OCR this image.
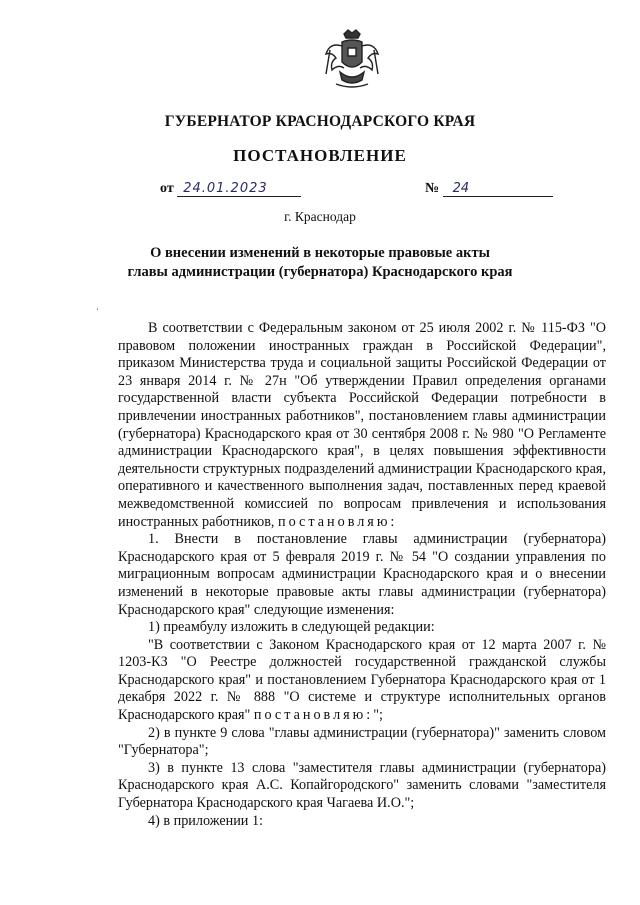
ГУБЕРНАТОР КРАСНОДАРСКОГО КРАЯ
ПОСТАНОВЛЕНИЕ
от 24.01.2023	№ 24
г. Краснодар
О внесении изменений в некоторые правовые акты
главы администрации (губернатора) Краснодарского края
ʻ

В соответствии с Федеральным законом от 25 июля 2002 г. № 115-ФЗ "О правовом положении иностранных граждан в Российской Федерации", приказом Министерства труда и социальной защиты Российской Федерации от 23 января 2014 г. № 27н "Об утверждении Правил определения органами государственной власти субъекта Российской Федерации потребности в привлечении иностранных работников", постановлением главы администрации (губернатора) Краснодарского края от 30 сентября 2008 г. № 980 "О Регламенте администрации Краснодарского края", в целях повышения эффективности деятельности структурных подразделений администрации Краснодарского края, оперативного и качественного выполнения задач, поставленных перед краевой межведомственной комиссией по вопросам привлечения и использования иностранных работников, постановляю:

1. Внести в постановление главы администрации (губернатора) Краснодарского края от 5 февраля 2019 г. № 54 "О создании управления по миграционным вопросам администрации Краснодарского края и о внесении изменений в некоторые правовые акты главы администрации (губернатора) Краснодарского края" следующие изменения:

1) преамбулу изложить в следующей редакции:

"В соответствии с Законом Краснодарского края от 12 марта 2007 г. № 1203-КЗ "О Реестре должностей государственной гражданской службы Краснодарского края" и постановлением Губернатора Краснодарского края от 1 декабря 2022 г. № 888 "О системе и структуре исполнительных органов Краснодарского края" постановляю:";

2) в пункте 9 слова "главы администрации (губернатора)" заменить словом "Губернатора";

3) в пункте 13 слова "заместителя главы администрации (губернатора) Краснодарского края А.С. Копайгородского" заменить словами "заместителя Губернатора Краснодарского края Чагаева И.О.";

4) в приложении 1:
